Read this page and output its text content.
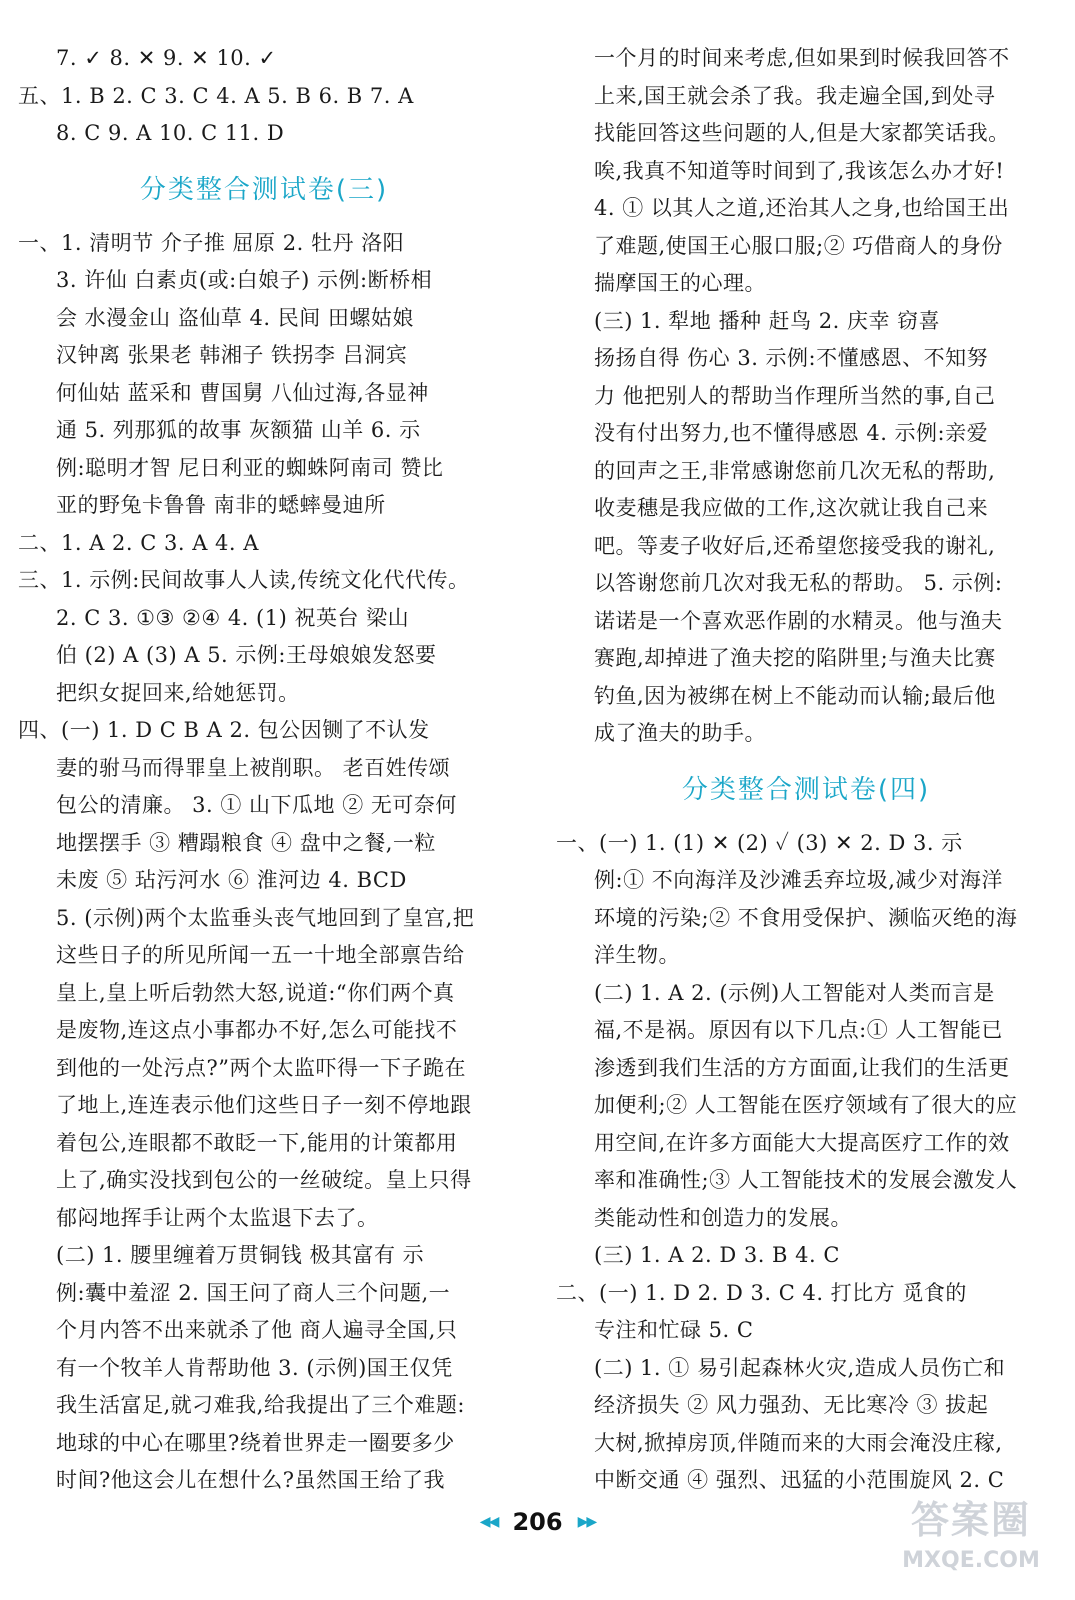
7. ✓ 8. ✕ 9. ✕ 10. ✓
五、1. B 2. C 3. C 4. A 5. B 6. B 7. A
8. C 9. A 10. C 11. D
分类整合测试卷(三)
一、1. 清明节 介子推 屈原 2. 牡丹 洛阳
3. 许仙 白素贞(或:白娘子) 示例:断桥相
会 水漫金山 盗仙草 4. 民间 田螺姑娘
汉钟离 张果老 韩湘子 铁拐李 吕洞宾
何仙姑 蓝采和 曹国舅 八仙过海,各显神
通 5. 列那狐的故事 灰额猫 山羊 6. 示
例:聪明才智 尼日利亚的蜘蛛阿南司 赞比
亚的野兔卡鲁鲁 南非的蟋蟀曼迪所
二、1. A 2. C 3. A 4. A
三、1. 示例:民间故事人人读,传统文化代代传。
2. C 3. ①③ ②④ 4. (1) 祝英台 梁山
伯 (2) A (3) A 5. 示例:王母娘娘发怒要
把织女捉回来,给她惩罚。
四、(一) 1. D C B A 2. 包公因铡了不认发
妻的驸马而得罪皇上被削职。 老百姓传颂
包公的清廉。 3. ① 山下瓜地 ② 无可奈何
地摆摆手 ③ 糟蹋粮食 ④ 盘中之餐,一粒
未废 ⑤ 玷污河水 ⑥ 淮河边 4. BCD
5. (示例)两个太监垂头丧气地回到了皇宫,把
这些日子的所见所闻一五一十地全部禀告给
皇上,皇上听后勃然大怒,说道:“你们两个真
是废物,连这点小事都办不好,怎么可能找不
到他的一处污点?”两个太监吓得一下子跪在
了地上,连连表示他们这些日子一刻不停地跟
着包公,连眼都不敢眨一下,能用的计策都用
上了,确实没找到包公的一丝破绽。皇上只得
郁闷地挥手让两个太监退下去了。
(二) 1. 腰里缠着万贯铜钱 极其富有 示
例:囊中羞涩 2. 国王问了商人三个问题,一
个月内答不出来就杀了他 商人遍寻全国,只
有一个牧羊人肯帮助他 3. (示例)国王仅凭
我生活富足,就刁难我,给我提出了三个难题:
地球的中心在哪里?绕着世界走一圈要多少
时间?他这会儿在想什么?虽然国王给了我
一个月的时间来考虑,但如果到时候我回答不
上来,国王就会杀了我。我走遍全国,到处寻
找能回答这些问题的人,但是大家都笑话我。
唉,我真不知道等时间到了,我该怎么办才好!
4. ① 以其人之道,还治其人之身,也给国王出
了难题,使国王心服口服;② 巧借商人的身份
揣摩国王的心理。
(三) 1. 犁地 播种 赶鸟 2. 庆幸 窃喜
扬扬自得 伤心 3. 示例:不懂感恩、不知努
力 他把别人的帮助当作理所当然的事,自己
没有付出努力,也不懂得感恩 4. 示例:亲爱
的回声之王,非常感谢您前几次无私的帮助,
收麦穗是我应做的工作,这次就让我自己来
吧。等麦子收好后,还希望您接受我的谢礼,
以答谢您前几次对我无私的帮助。 5. 示例:
诺诺是一个喜欢恶作剧的水精灵。他与渔夫
赛跑,却掉进了渔夫挖的陷阱里;与渔夫比赛
钓鱼,因为被绑在树上不能动而认输;最后他
成了渔夫的助手。
分类整合测试卷(四)
一、(一) 1. (1) ✕ (2) ✓ (3) ✕ 2. D 3. 示
例:① 不向海洋及沙滩丢弃垃圾,减少对海洋
环境的污染;② 不食用受保护、濒临灭绝的海
洋生物。
(二) 1. A 2. (示例)人工智能对人类而言是
福,不是祸。原因有以下几点:① 人工智能已
渗透到我们生活的方方面面,让我们的生活更
加便利;② 人工智能在医疗领域有了很大的应
用空间,在许多方面能大大提高医疗工作的效
率和准确性;③ 人工智能技术的发展会激发人
类能动性和创造力的发展。
(三) 1. A 2. D 3. B 4. C
二、(一) 1. D 2. D 3. C 4. 打比方 觅食的
专注和忙碌 5. C
(二) 1. ① 易引起森林火灾,造成人员伤亡和
经济损失 ② 风力强劲、无比寒冷 ③ 拔起
大树,掀掉房顶,伴随而来的大雨会淹没庄稼,
中断交通 ④ 强烈、迅猛的小范围旋风 2. C
◀◀ 206 ▶▶	答案圈
MXQE.COM
